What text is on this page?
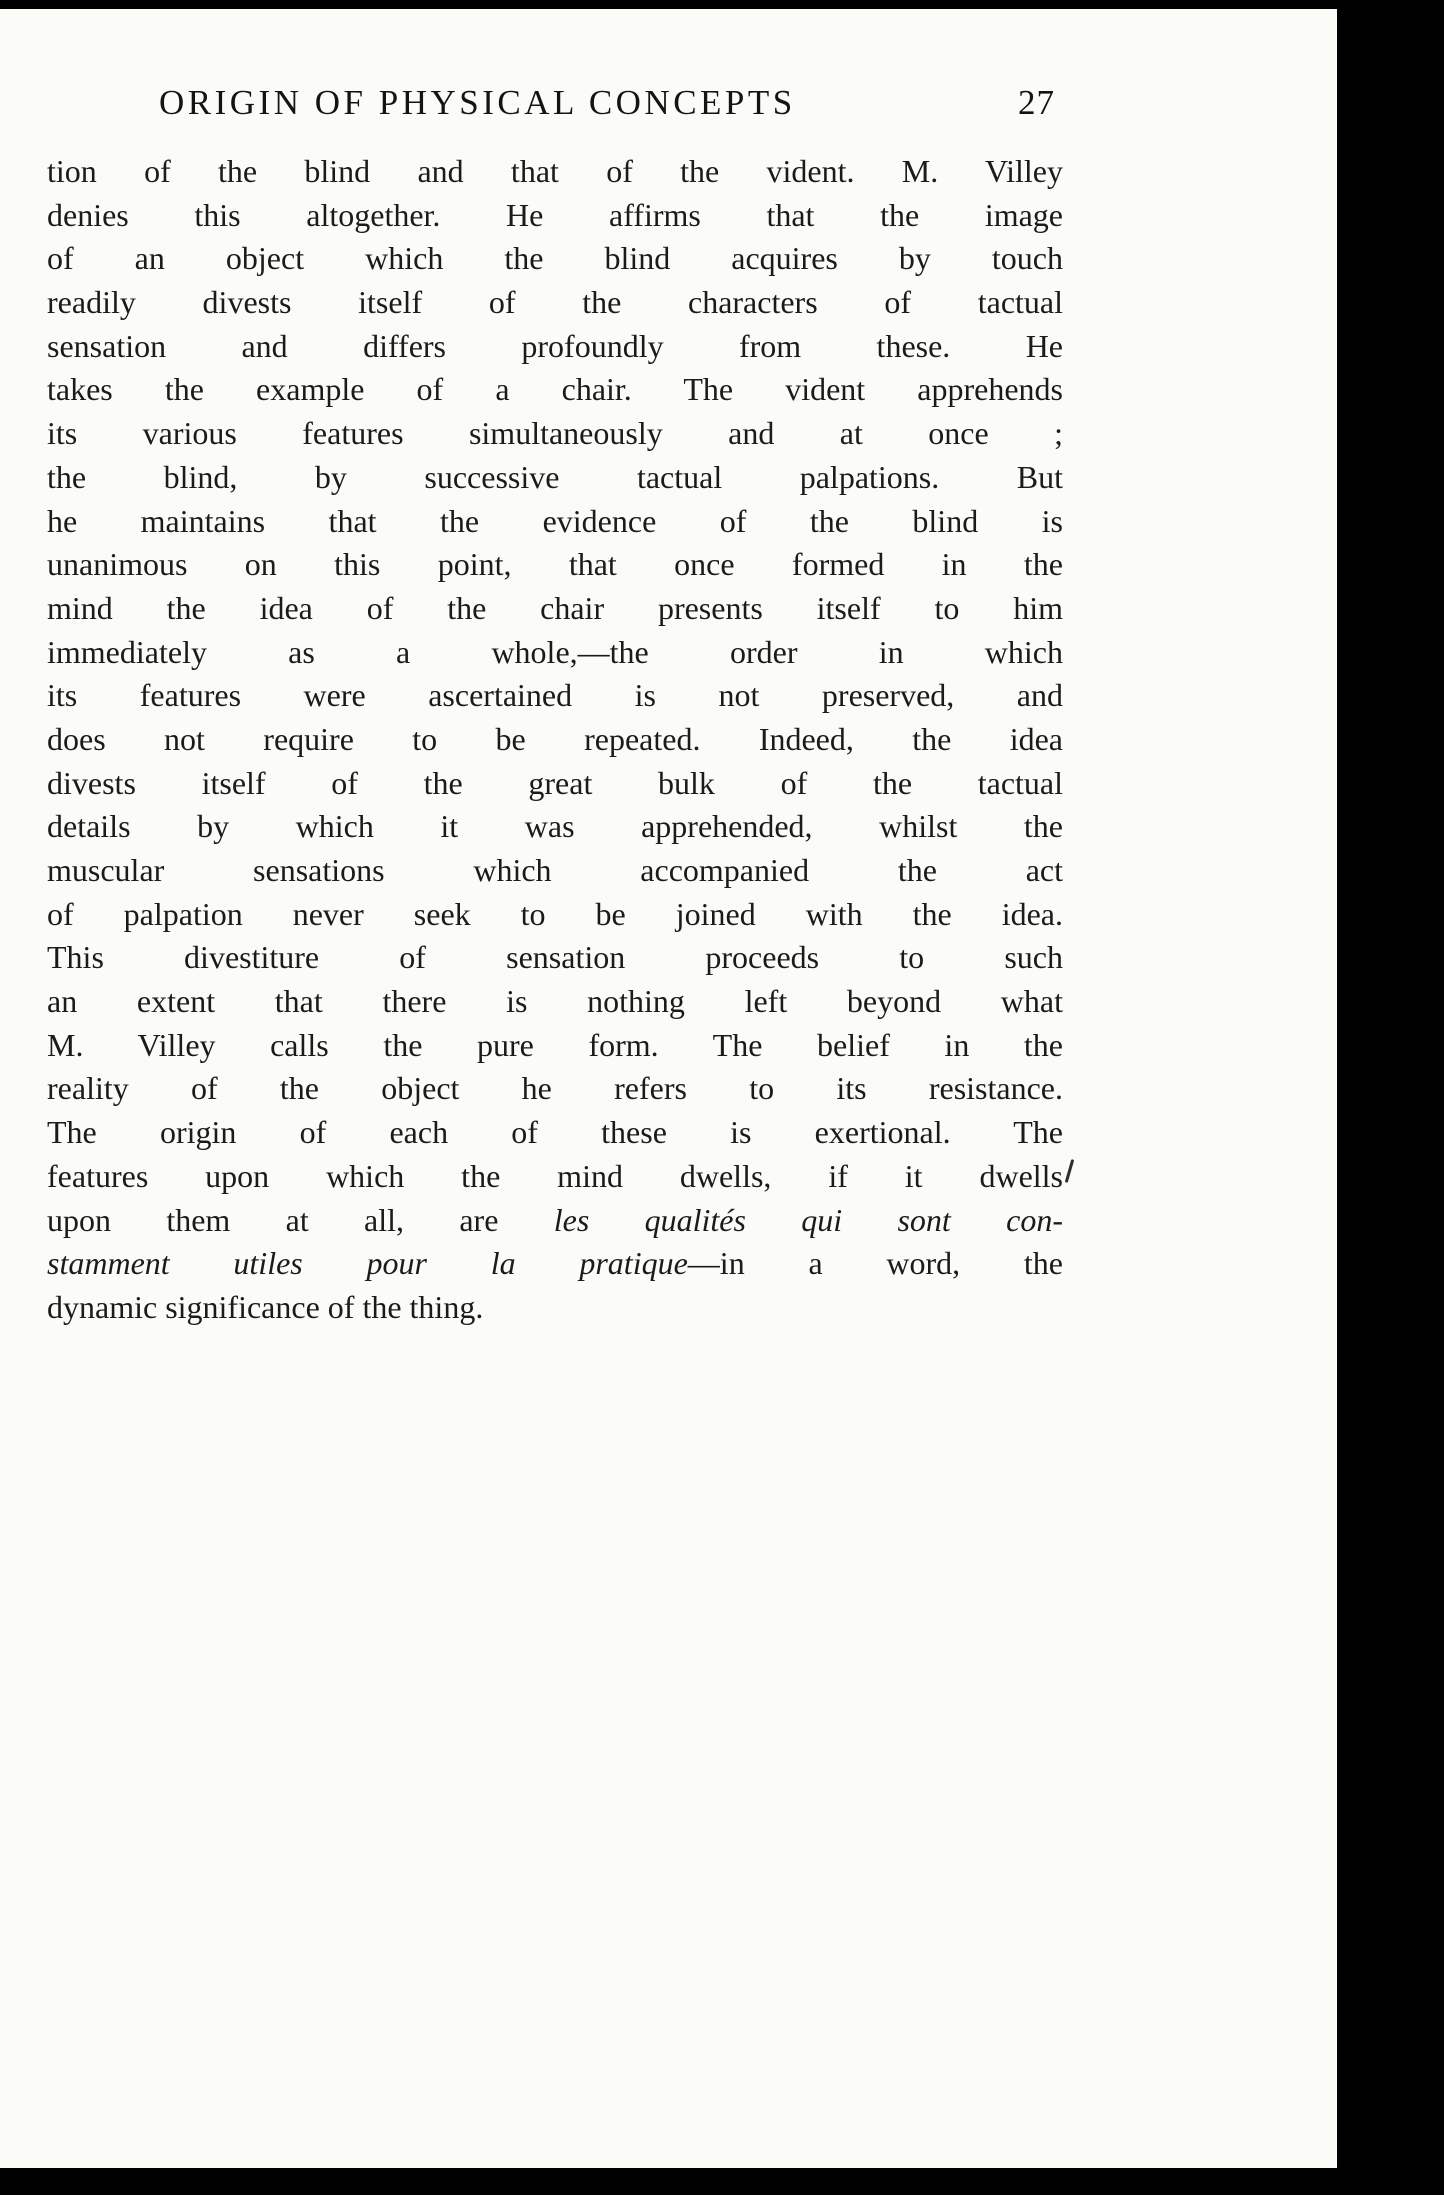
ORIGIN OF PHYSICAL CONCEPTS	27
tion of the blind and that of the vident. M. Villey
denies this altogether. He affirms that the image
of an object which the blind acquires by touch
readily divests itself of the characters of tactual
sensation and differs profoundly from these. He
takes the example of a chair. The vident apprehends
its various features simultaneously and at once ;
the blind, by successive tactual palpations. But
he maintains that the evidence of the blind is
unanimous on this point, that once formed in the
mind the idea of the chair presents itself to him
immediately as a whole,—the order in which
its features were ascertained is not preserved, and
does not require to be repeated. Indeed, the idea
divests itself of the great bulk of the tactual
details by which it was apprehended, whilst the
muscular sensations which accompanied the act
of palpation never seek to be joined with the idea.
This divestiture of sensation proceeds to such
an extent that there is nothing left beyond what
M. Villey calls the pure form. The belief in the
reality of the object he refers to its resistance.
The origin of each of these is exertional. The
features upon which the mind dwells, if it dwells
upon them at all, are les qualités qui sont con-
stamment utiles pour la pratique—in a word, the
dynamic significance of the thing.
